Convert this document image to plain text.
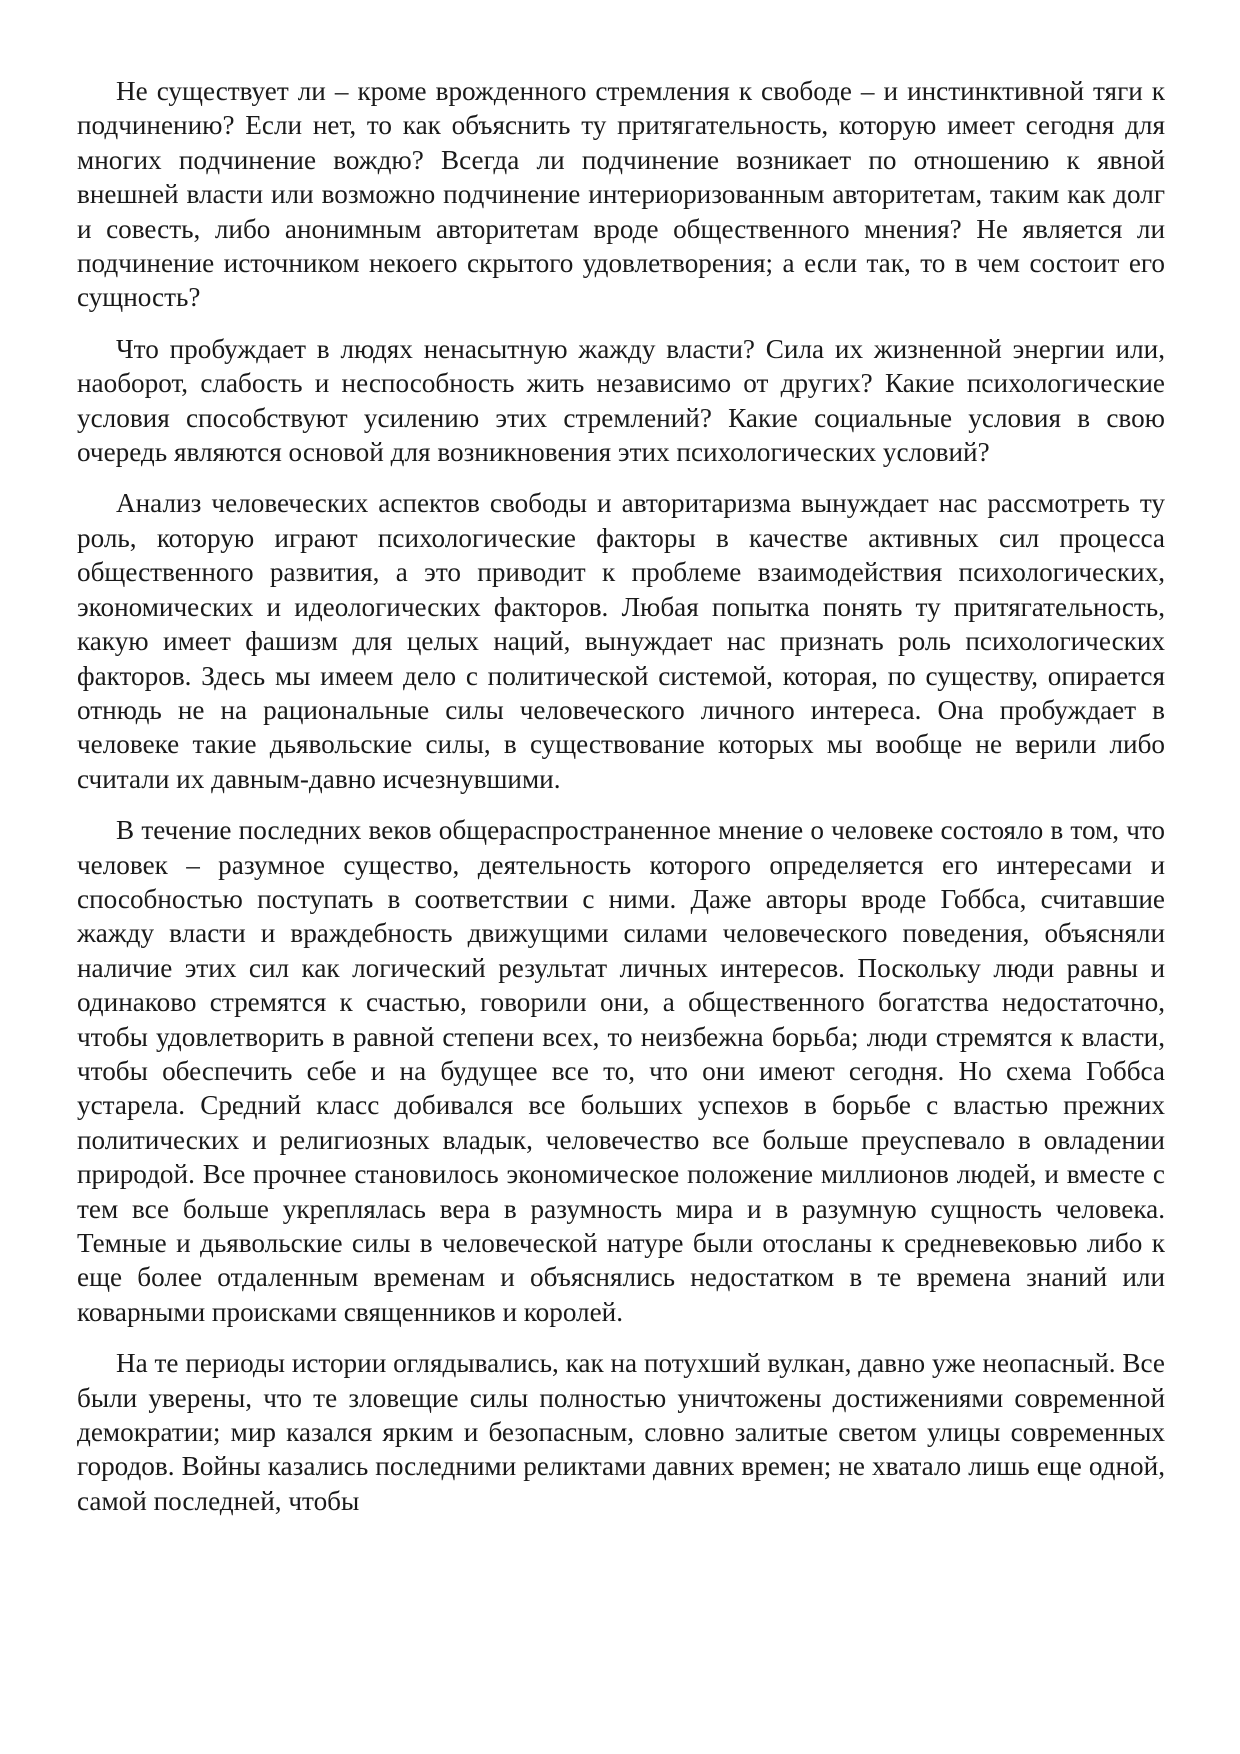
Не существует ли – кроме врожденного стремления к свободе – и инстинктивной тяги к подчинению? Если нет, то как объяснить ту притягательность, которую имеет сегодня для многих подчинение вождю? Всегда ли подчинение возникает по отношению к явной внешней власти или возможно подчинение интериоризованным авторитетам, таким как долг и совесть, либо анонимным авторитетам вроде общественного мнения? Не является ли подчинение источником некоего скрытого удовлетворения; а если так, то в чем состоит его сущность?

Что пробуждает в людях ненасытную жажду власти? Сила их жизненной энергии или, наоборот, слабость и неспособность жить независимо от других? Какие психологические условия способствуют усилению этих стремлений? Какие социальные условия в свою очередь являются основой для возникновения этих психологических условий?

Анализ человеческих аспектов свободы и авторитаризма вынуждает нас рассмотреть ту роль, которую играют психологические факторы в качестве активных сил процесса общественного развития, а это приводит к проблеме взаимодействия психологических, экономических и идеологических факторов. Любая попытка понять ту притягательность, какую имеет фашизм для целых наций, вынуждает нас признать роль психологических факторов. Здесь мы имеем дело с политической системой, которая, по существу, опирается отнюдь не на рациональные силы человеческого личного интереса. Она пробуждает в человеке такие дьявольские силы, в существование которых мы вообще не верили либо считали их давным-давно исчезнувшими.

В течение последних веков общераспространенное мнение о человеке состояло в том, что человек – разумное существо, деятельность которого определяется его интересами и способностью поступать в соответствии с ними. Даже авторы вроде Гоббса, считавшие жажду власти и враждебность движущими силами человеческого поведения, объясняли наличие этих сил как логический результат личных интересов. Поскольку люди равны и одинаково стремятся к счастью, говорили они, а общественного богатства недостаточно, чтобы удовлетворить в равной степени всех, то неизбежна борьба; люди стремятся к власти, чтобы обеспечить себе и на будущее все то, что они имеют сегодня. Но схема Гоббса устарела. Средний класс добивался все больших успехов в борьбе с властью прежних политических и религиозных владык, человечество все больше преуспевало в овладении природой. Все прочнее становилось экономическое положение миллионов людей, и вместе с тем все больше укреплялась вера в разумность мира и в разумную сущность человека. Темные и дьявольские силы в человеческой натуре были отосланы к средневековью либо к еще более отдаленным временам и объяснялись недостатком в те времена знаний или коварными происками священников и королей.

На те периоды истории оглядывались, как на потухший вулкан, давно уже неопасный. Все были уверены, что те зловещие силы полностью уничтожены достижениями современной демократии; мир казался ярким и безопасным, словно залитые светом улицы современных городов. Войны казались последними реликтами давних времен; не хватало лишь еще одной, самой последней, чтобы
